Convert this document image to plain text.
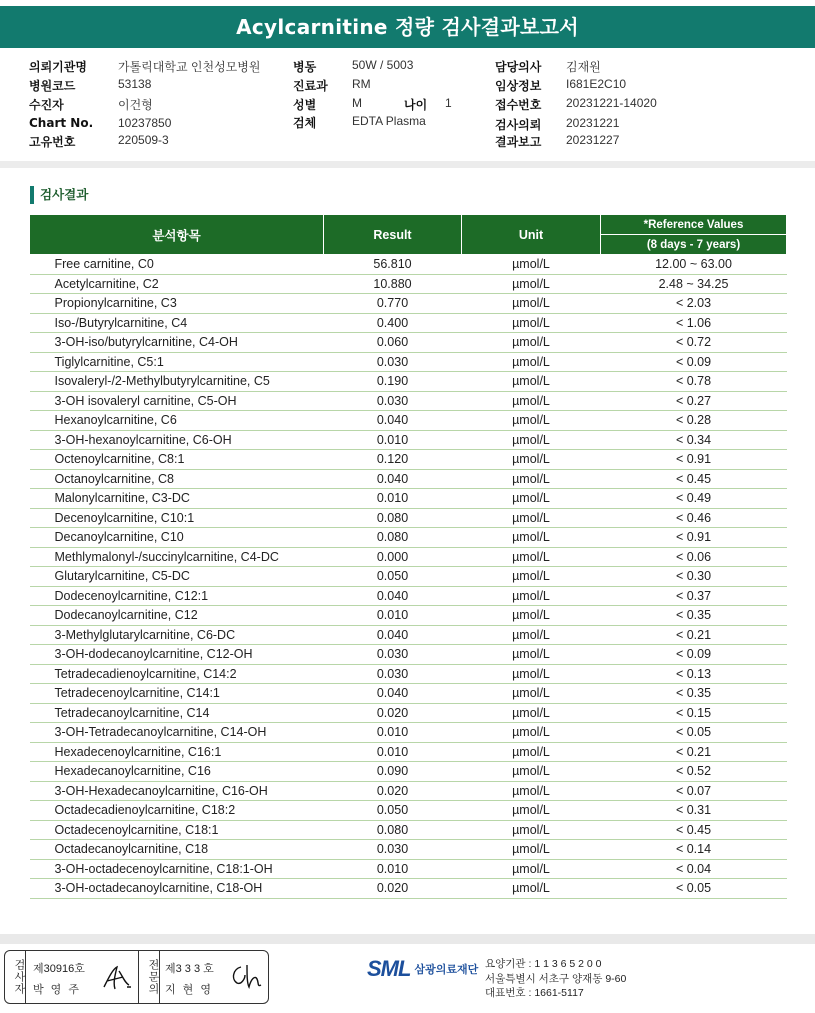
Acylcarnitine 정량 검사결과보고서
의뢰기관명	가톨릭대학교 인천성모병원
병원코드	53138
수진자	이건형
Chart No. 10237850
고유번호	220509-3
병동	50W / 5003
진료과 RM
성별	M	나이 1
검체	EDTA Plasma
담당의사 김재원
임상정보 I681E2C10
접수번호 20231221-14020
검사의뢰 20231221
결과보고 20231227
검사결과
분석항목	Result	Unit	*Reference Values
			(8 days - 7 years)
Free carnitine, C0	56.810	µmol/L	12.00 ~ 63.00
Acetylcarnitine, C2	10.880	µmol/L	2.48 ~ 34.25
Propionylcarnitine, C3	0.770	µmol/L	< 2.03
Iso-/Butyrylcarnitine, C4	0.400	µmol/L	< 1.06
3-OH-iso/butyrylcarnitine, C4-OH	0.060	µmol/L	< 0.72
Tiglylcarnitine, C5:1	0.030	µmol/L	< 0.09
Isovaleryl-/2-Methylbutyrylcarnitine, C5	0.190	µmol/L	< 0.78
3-OH isovaleryl carnitine, C5-OH	0.030	µmol/L	< 0.27
Hexanoylcarnitine, C6	0.040	µmol/L	< 0.28
3-OH-hexanoylcarnitine, C6-OH	0.010	µmol/L	< 0.34
Octenoylcarnitine, C8:1	0.120	µmol/L	< 0.91
Octanoylcarnitine, C8	0.040	µmol/L	< 0.45
Malonylcarnitine, C3-DC	0.010	µmol/L	< 0.49
Decenoylcarnitine, C10:1	0.080	µmol/L	< 0.46
Decanoylcarnitine, C10	0.080	µmol/L	< 0.91
Methlymalonyl-/succinylcarnitine, C4-DC	0.000	µmol/L	< 0.06
Glutarylcarnitine, C5-DC	0.050	µmol/L	< 0.30
Dodecenoylcarnitine, C12:1	0.040	µmol/L	< 0.37
Dodecanoylcarnitine, C12	0.010	µmol/L	< 0.35
3-Methylglutarylcarnitine, C6-DC	0.040	µmol/L	< 0.21
3-OH-dodecanoylcarnitine, C12-OH	0.030	µmol/L	< 0.09
Tetradecadienoylcarnitine, C14:2	0.030	µmol/L	< 0.13
Tetradecenoylcarnitine, C14:1	0.040	µmol/L	< 0.35
Tetradecanoylcarnitine, C14	0.020	µmol/L	< 0.15
3-OH-Tetradecanoylcarnitine, C14-OH	0.010	µmol/L	< 0.05
Hexadecenoylcarnitine, C16:1	0.010	µmol/L	< 0.21
Hexadecanoylcarnitine, C16	0.090	µmol/L	< 0.52
3-OH-Hexadecanoylcarnitine, C16-OH	0.020	µmol/L	< 0.07
Octadecadienoylcarnitine, C18:2	0.050	µmol/L	< 0.31
Octadecenoylcarnitine, C18:1	0.080	µmol/L	< 0.45
Octadecanoylcarnitine, C18	0.030	µmol/L	< 0.14
3-OH-octadecenoylcarnitine, C18:1-OH	0.010	µmol/L	< 0.04
3-OH-octadecanoylcarnitine, C18-OH	0.020	µmol/L	< 0.05
검사자 제30916호
박 영 주	전문의 제3 3 3 호
지 현 영
SML 삼광의료재단 요양기관 : 1 1 3 6 5 2 0 0
서울특별시 서초구 양재동 9-60
대표번호 : 1661-5117
